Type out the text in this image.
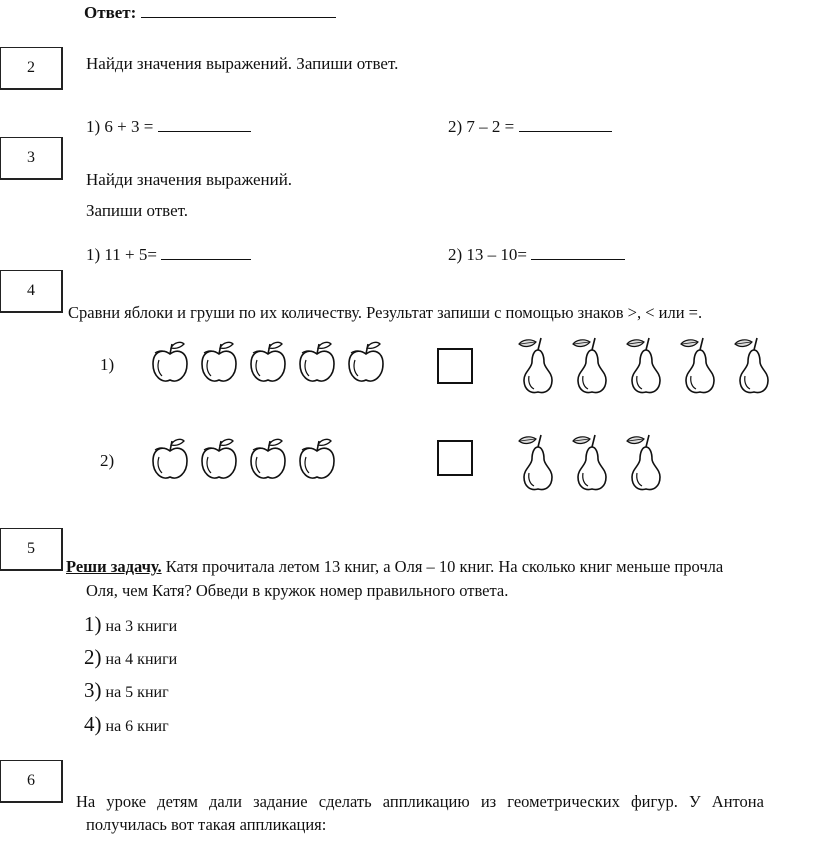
Ответ:
2	Найди значения выражений. Запиши ответ.
1) 6 + 3 =	2) 7 – 2 =
3
Найди значения выражений.
Запиши ответ.
1) 11 + 5=	2) 13 – 10=
4
Сравни яблоки и груши по их количеству. Результат запиши с помощью знаков >, < или =.
1)
2)
5
Реши задачу. Катя прочитала летом 13 книг, а Оля – 10 книг. На сколько книг меньше прочла
Оля, чем Катя? Обведи в кружок номер правильного ответа.
1) на 3 книги
2) на 4 книги
3) на 5 книг
4) на 6 книг
6
На уроке детям дали задание сделать аппликацию из геометрических фигур. У Антона
получилась вот такая аппликация:
